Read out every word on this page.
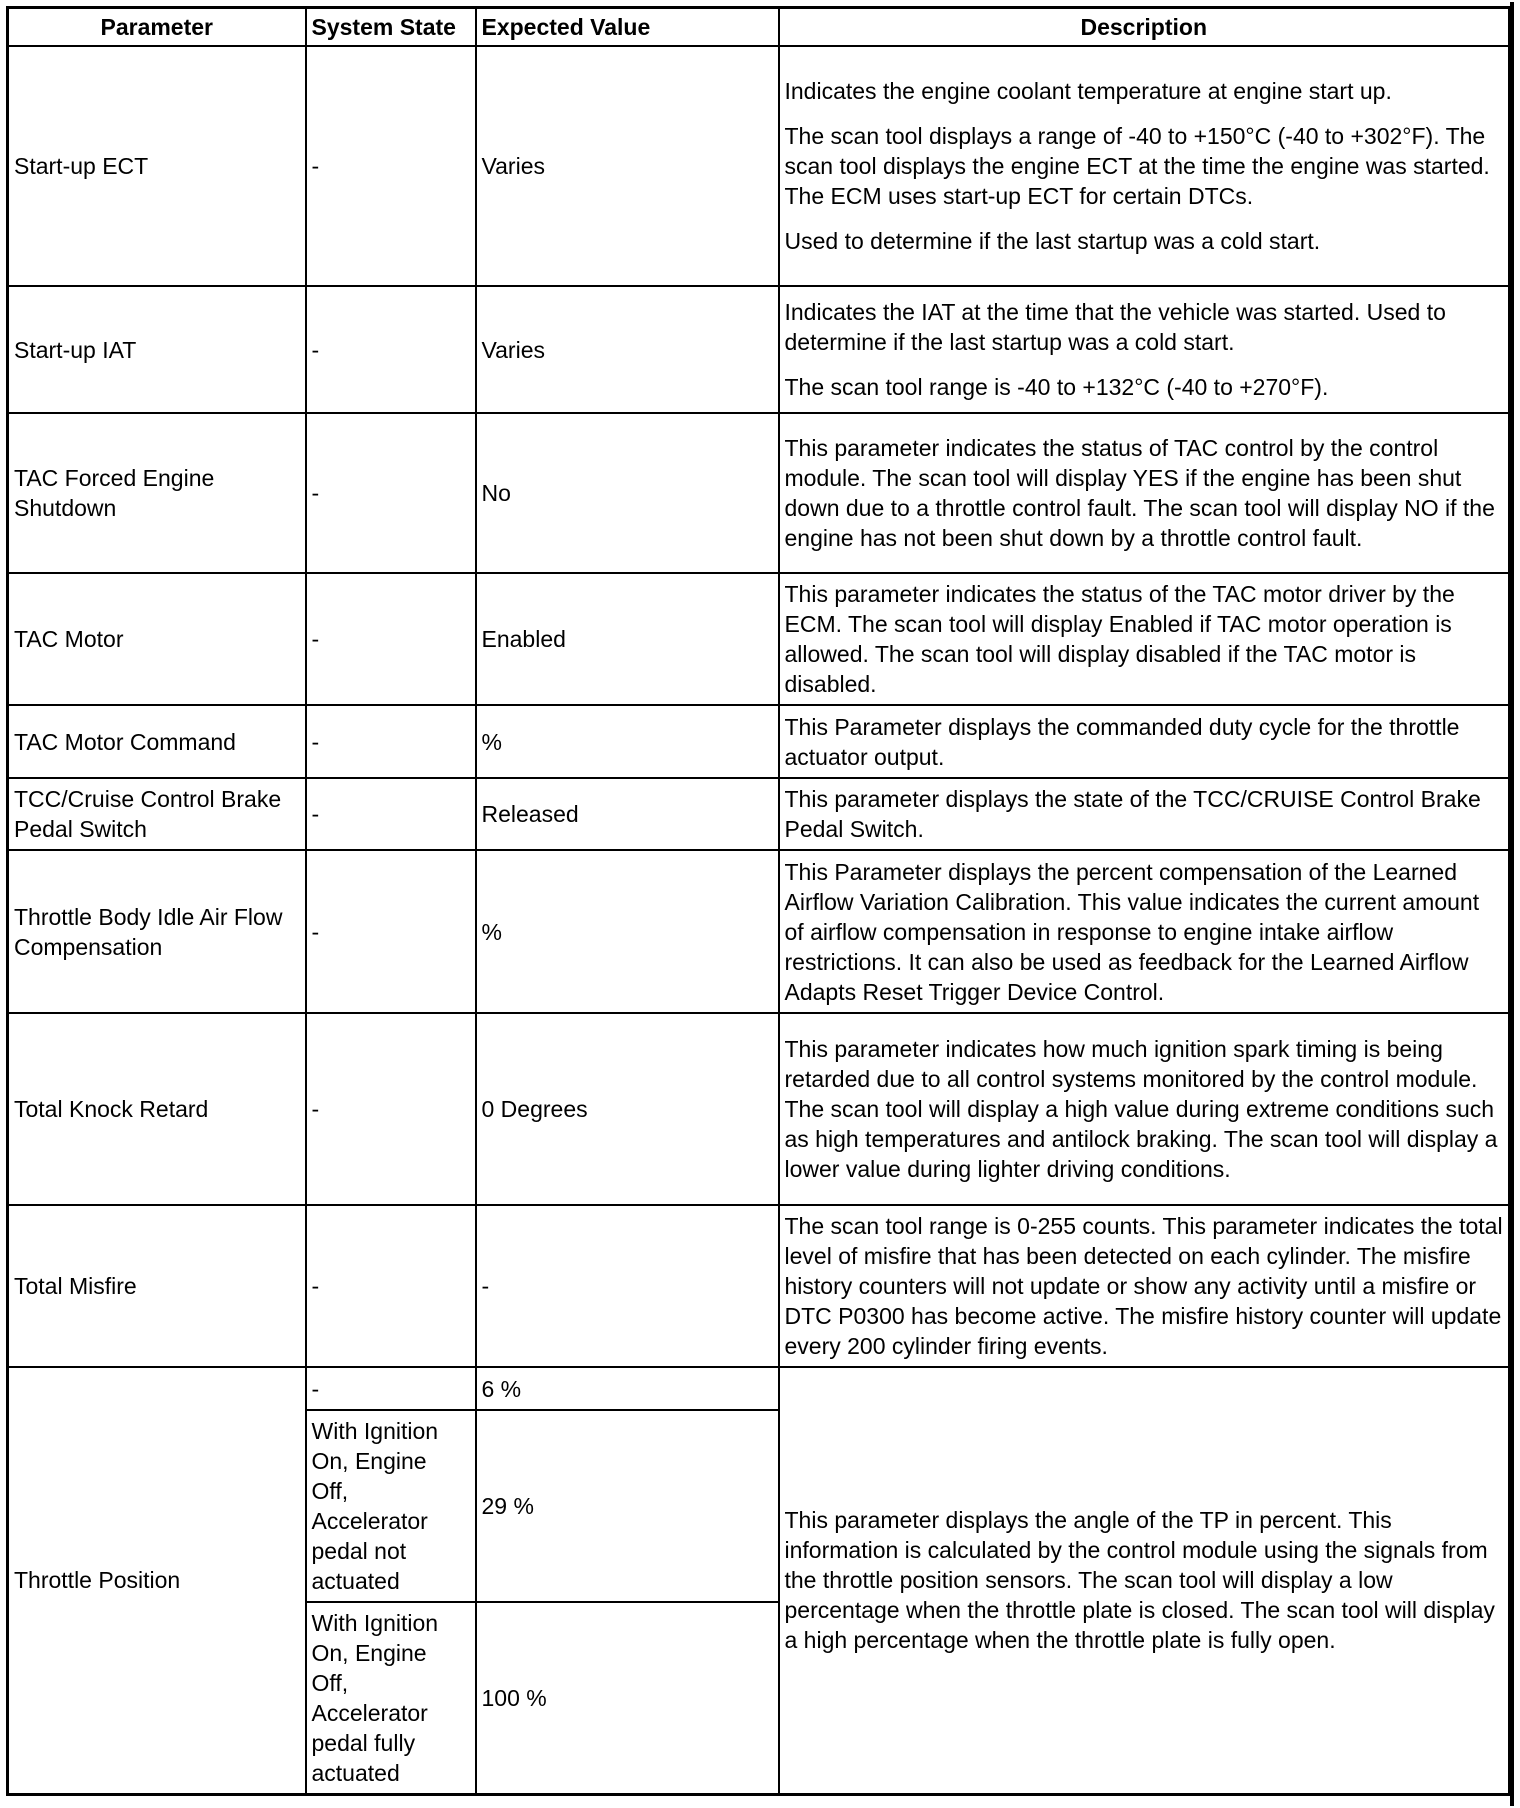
Parameter	System State	Expected Value	Description
Start-up ECT	-	Varies	Indicates the engine coolant temperature at engine start up.

The scan tool displays a range of -40 to +150°C (-40 to +302°F). The scan tool displays the engine ECT at the time the engine was started. The ECM uses start-up ECT for certain DTCs.

Used to determine if the last startup was a cold start.

Start-up IAT	-	Varies	Indicates the IAT at the time that the vehicle was started. Used to determine if the last startup was a cold start.

The scan tool range is -40 to +132°C (-40 to +270°F).

TAC Forced Engine Shutdown	-	No	This parameter indicates the status of TAC control by the control module. The scan tool will display YES if the engine has been shut down due to a throttle control fault. The scan tool will display NO if the engine has not been shut down by a throttle control fault.

TAC Motor	-	Enabled	This parameter indicates the status of the TAC motor driver by the ECM. The scan tool will display Enabled if TAC motor operation is allowed. The scan tool will display disabled if the TAC motor is disabled.

TAC Motor Command	-	%	This Parameter displays the commanded duty cycle for the throttle actuator output.

TCC/Cruise Control Brake Pedal Switch	-	Released	This parameter displays the state of the TCC/CRUISE Control Brake Pedal Switch.

Throttle Body Idle Air Flow Compensation	-	%	This Parameter displays the percent compensation of the Learned Airflow Variation Calibration. This value indicates the current amount of airflow compensation in response to engine intake airflow restrictions. It can also be used as feedback for the Learned Airflow Adapts Reset Trigger Device Control.

Total Knock Retard	-	0 Degrees	This parameter indicates how much ignition spark timing is being retarded due to all control systems monitored by the control module. The scan tool will display a high value during extreme conditions such as high temperatures and antilock braking. The scan tool will display a lower value during lighter driving conditions.

Total Misfire	-	-	The scan tool range is 0-255 counts. This parameter indicates the total level of misfire that has been detected on each cylinder. The misfire history counters will not update or show any activity until a misfire or DTC P0300 has become active. The misfire history counter will update every 200 cylinder firing events.

Throttle Position	-	6 %	This parameter displays the angle of the TP in percent. This information is calculated by the control module using the signals from the throttle position sensors. The scan tool will display a low percentage when the throttle plate is closed. The scan tool will display a high percentage when the throttle plate is fully open.
	With Ignition On, Engine Off, Accelerator pedal not actuated	29 %	
	With Ignition On, Engine Off, Accelerator pedal fully actuated	100 %	
